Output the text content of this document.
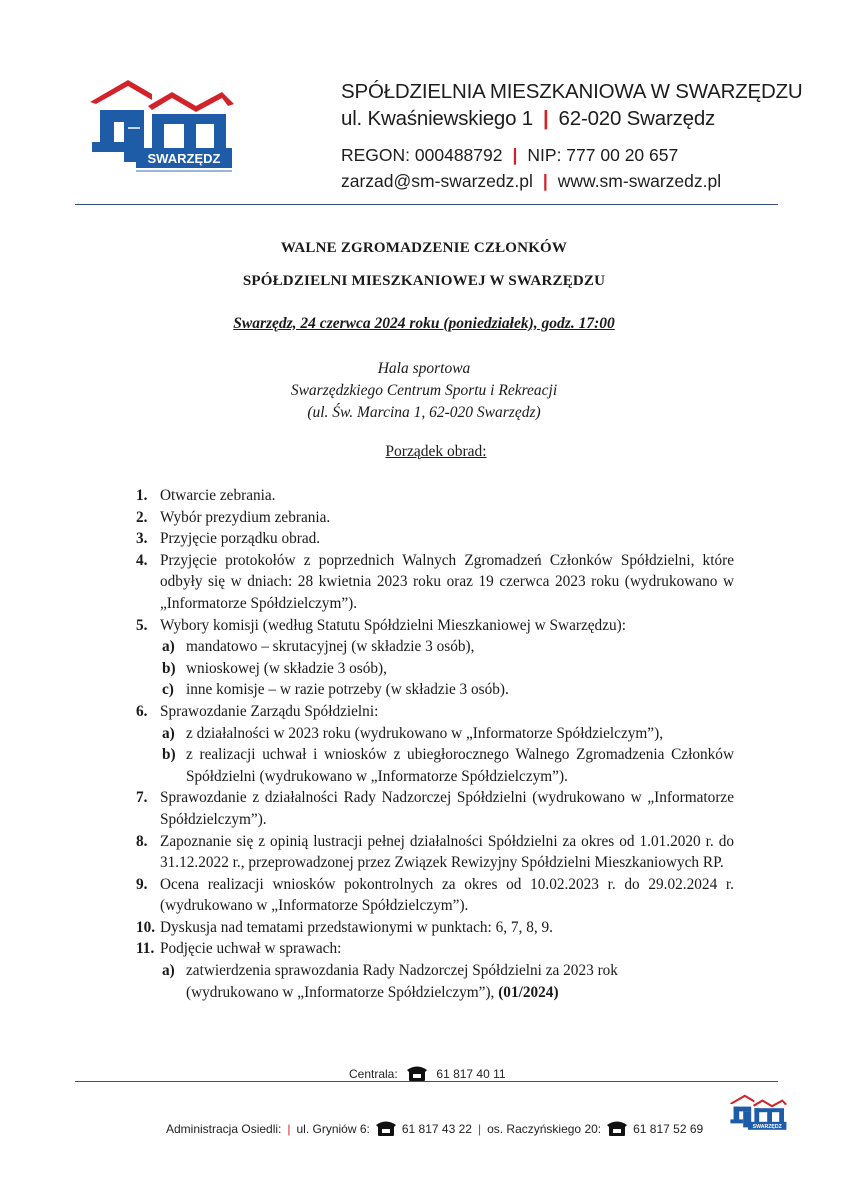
SWARZĘDZ
SPÓŁDZIELNIA MIESZKANIOWA W SWARZĘDZU
ul. Kwaśniewskiego 1 | 62-020 Swarzędz
REGON: 000488792 | NIP: 777 00 20 657
zarzad@sm-swarzedz.pl | www.sm-swarzedz.pl
WALNE ZGROMADZENIE CZŁONKÓW
SPÓŁDZIELNI MIESZKANIOWEJ W SWARZĘDZU
Swarzędz, 24 czerwca 2024 roku (poniedziałek), godz. 17:00
Hala sportowa
Swarzędzkiego Centrum Sportu i Rekreacji
(ul. Św. Marcina 1, 62-020 Swarzędz)
Porządek obrad:
1. Otwarcie zebrania.
2. Wybór prezydium zebrania.
3. Przyjęcie porządku obrad.
4. Przyjęcie protokołów z poprzednich Walnych Zgromadzeń Członków Spółdzielni, które odbyły się w dniach: 28 kwietnia 2023 roku oraz 19 czerwca 2023 roku (wydrukowano w „Informatorze Spółdzielczym”).
5. Wybory komisji (według Statutu Spółdzielni Mieszkaniowej w Swarzędzu):
a) mandatowo – skrutacyjnej (w składzie 3 osób),
b) wnioskowej (w składzie 3 osób),
c) inne komisje – w razie potrzeby (w składzie 3 osób).
6. Sprawozdanie Zarządu Spółdzielni:
a) z działalności w 2023 roku (wydrukowano w „Informatorze Spółdzielczym”),
b) z realizacji uchwał i wniosków z ubiegłorocznego Walnego Zgromadzenia Członków Spółdzielni (wydrukowano w „Informatorze Spółdzielczym”).
7. Sprawozdanie z działalności Rady Nadzorczej Spółdzielni (wydrukowano w „Informatorze Spółdzielczym”).
8. Zapoznanie się z opinią lustracji pełnej działalności Spółdzielni za okres od 1.01.2020 r. do 31.12.2022 r., przeprowadzonej przez Związek Rewizyjny Spółdzielni Mieszkaniowych RP.
9. Ocena realizacji wniosków pokontrolnych za okres od 10.02.2023 r. do 29.02.2024 r. (wydrukowano w „Informatorze Spółdzielczym”).
10. Dyskusja nad tematami przedstawionymi w punktach: 6, 7, 8, 9.
11. Podjęcie uchwał w sprawach:
a) zatwierdzenia sprawozdania Rady Nadzorczej Spółdzielni za 2023 rok (wydrukowano w „Informatorze Spółdzielczym”), (01/2024)
Centrala:	61 817 40 11
Administracja Osiedli: | ul. Gryniów 6:	61 817 43 22 | os. Raczyńskiego 20:	61 817 52 69	SWARZĘDZ
